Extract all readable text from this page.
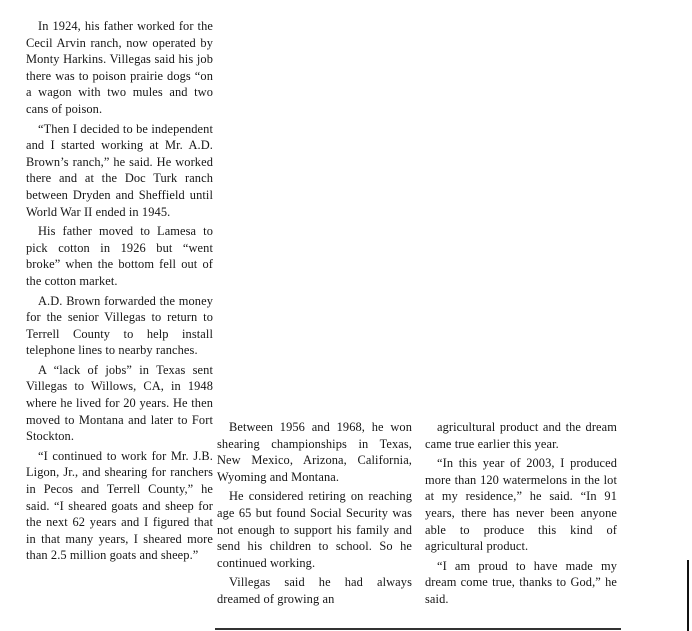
In 1924, his father worked for the Cecil Arvin ranch, now operated by Monty Harkins. Villegas said his job there was to poison prairie dogs “on a wagon with two mules and two cans of poison.

“Then I decided to be independent and I started working at Mr. A.D. Brown’s ranch,” he said. He worked there and at the Doc Turk ranch between Dryden and Sheffield until World War II ended in 1945.

His father moved to Lamesa to pick cotton in 1926 but “went broke” when the bottom fell out of the cotton market.

A.D. Brown forwarded the money for the senior Villegas to return to Terrell County to help install telephone lines to nearby ranches.

A “lack of jobs” in Texas sent Villegas to Willows, CA, in 1948 where he lived for 20 years. He then moved to Montana and later to Fort Stockton.

“I continued to work for Mr. J.B. Ligon, Jr., and shearing for ranchers in Pecos and Terrell County,” he said. “I sheared goats and sheep for the next 62 years and I figured that in that many years, I sheared more than 2.5 million goats and sheep.”

Between 1956 and 1968, he won shearing championships in Texas, New Mexico, Arizona, California, Wyoming and Montana.

He considered retiring on reaching age 65 but found Social Security was not enough to support his family and send his children to school. So he continued working.

Villegas said he had always dreamed of growing an

agricultural product and the dream came true earlier this year.

“In this year of 2003, I produced more than 120 watermelons in the lot at my residence,” he said. “In 91 years, there has never been anyone able to produce this kind of agricultural product.

“I am proud to have made my dream come true, thanks to God,” he said.
